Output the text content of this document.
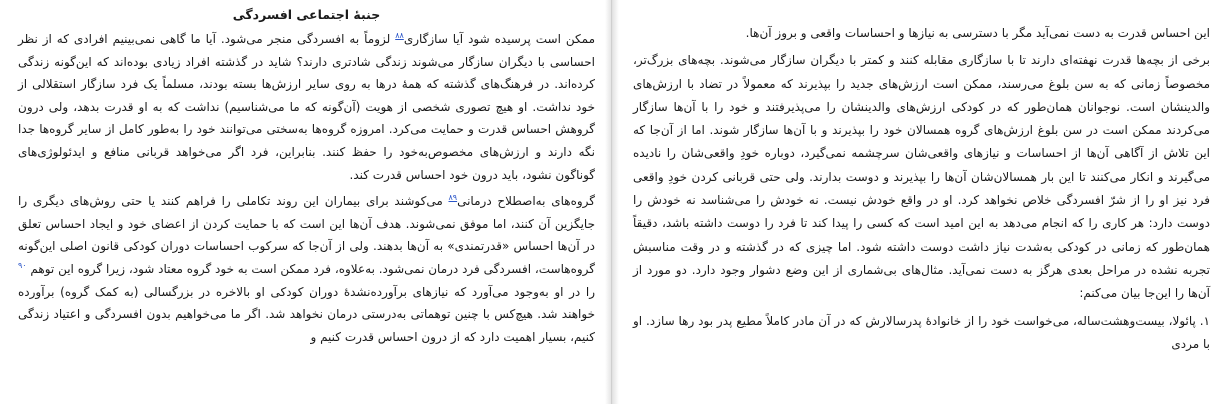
جنبهٔ اجتماعی افسردگی

ممکن است پرسیده شود آیا سازگاری$^{۸۸}$ لزوماً به افسردگی منجر می‌شود. آیا ما گاهی نمی‌بینیم افرادی که از نظر احساسی با دیگران سازگار می‌شوند زندگی شادتری دارند؟ شاید در گذشته افراد زیادی بوده‌اند که این‌گونه زندگی کرده‌اند. در فرهنگ‌های گذشته که همهٔ درها به روی سایر ارزش‌ها بسته بودند، مسلماً یک فرد سازگار استقلالی از خود نداشت. او هیچ تصوری شخصی از هویت (آن‌گونه که ما می‌شناسیم) نداشت که به او قدرت بدهد، ولی درون گروهش احساس قدرت و حمایت می‌کرد. امروزه گروه‌ها به‌سختی می‌توانند خود را به‌طور کامل از سایر گروه‌ها جدا نگه دارند و ارزش‌های مخصوص‌به‌خود را حفظ کنند. بنابراین، فرد اگر می‌خواهد قربانی منافع و ایدئولوژی‌های گوناگون نشود، باید درون خود احساس قدرت کند.

گروه‌های به‌اصطلاح درمانی$^{۸۹}$ می‌کوشند برای بیماران این روند تکاملی را فراهم کنند یا حتی روش‌های دیگری را جایگزین آن کنند، اما موفق نمی‌شوند. هدف آن‌ها این است که با حمایت کردن از اعضای خود و ایجاد احساس تعلق در آن‌ها احساس «قدرتمندی» به آن‌ها بدهند. ولی از آن‌جا که سرکوب احساسات دوران کودکی قانون اصلی این‌گونه گروه‌هاست، افسردگی فرد درمان نمی‌شود. به‌علاوه، فرد ممکن است به خود گروه معتاد شود، زیرا گروه این توهم $^{۹۰}$ را در او به‌وجود می‌آورد که نیازهای برآورده‌نشدهٔ دوران کودکی او بالاخره در بزرگسالی (به کمک گروه) برآورده خواهند شد. هیچ‌کس با چنین توهماتی به‌درستی درمان نخواهد شد. اگر ما می‌خواهیم بدون افسردگی و اعتیاد زندگی کنیم، بسیار اهمیت دارد که از درون احساس قدرت کنیم و

این احساس قدرت به دست نمی‌آید مگر با دسترسی به نیازها و احساسات واقعی و بروز آن‌ها.

برخی از بچه‌ها قدرت نهفته‌ای دارند تا با سازگاری مقابله کنند و کمتر با دیگران سازگار می‌شوند. بچه‌های بزرگ‌تر، مخصوصاً زمانی که به سن بلوغ می‌رسند، ممکن است ارزش‌های جدید را بپذیرند که معمولاً در تضاد با ارزش‌های والدینشان است. نوجوانان همان‌طور که در کودکی ارزش‌های والدینشان را می‌پذیرفتند و خود را با آن‌ها سازگار می‌کردند ممکن است در سن بلوغ ارزش‌های گروه همسالان خود را بپذیرند و با آن‌ها سازگار شوند. اما از آن‌جا که این تلاش از آگاهی آن‌ها از احساسات و نیازهای واقعی‌شان سرچشمه نمی‌گیرد، دوباره خودِ واقعی‌شان را نادیده می‌گیرند و انکار می‌کنند تا این بار همسالان‌شان آن‌ها را بپذیرند و دوست بدارند. ولی حتی قربانی کردن خودِ واقعی فرد نیز او را از شرّ افسردگی خلاص نخواهد کرد. او در واقع خودش نیست. نه خودش را می‌شناسد نه خودش را دوست دارد: هر کاری را که انجام می‌دهد به این امید است که کسی را پیدا کند تا فرد را دوست داشته باشد، دقیقاً همان‌طور که زمانی در کودکی به‌شدت نیاز داشت دوست داشته شود. اما چیزی که در گذشته و در وقت مناسبش تجربه نشده در مراحل بعدی هرگز به دست نمی‌آید. مثال‌های بی‌شماری از این وضع دشوار وجود دارد. دو مورد از آن‌ها را این‌جا بیان می‌کنم:

۱. پائولا، بیست‌وهشت‌ساله، می‌خواست خود را از خانوادهٔ پدرسالارش که در آن مادر کاملاً مطیع پدر بود رها سازد. او با مردی
